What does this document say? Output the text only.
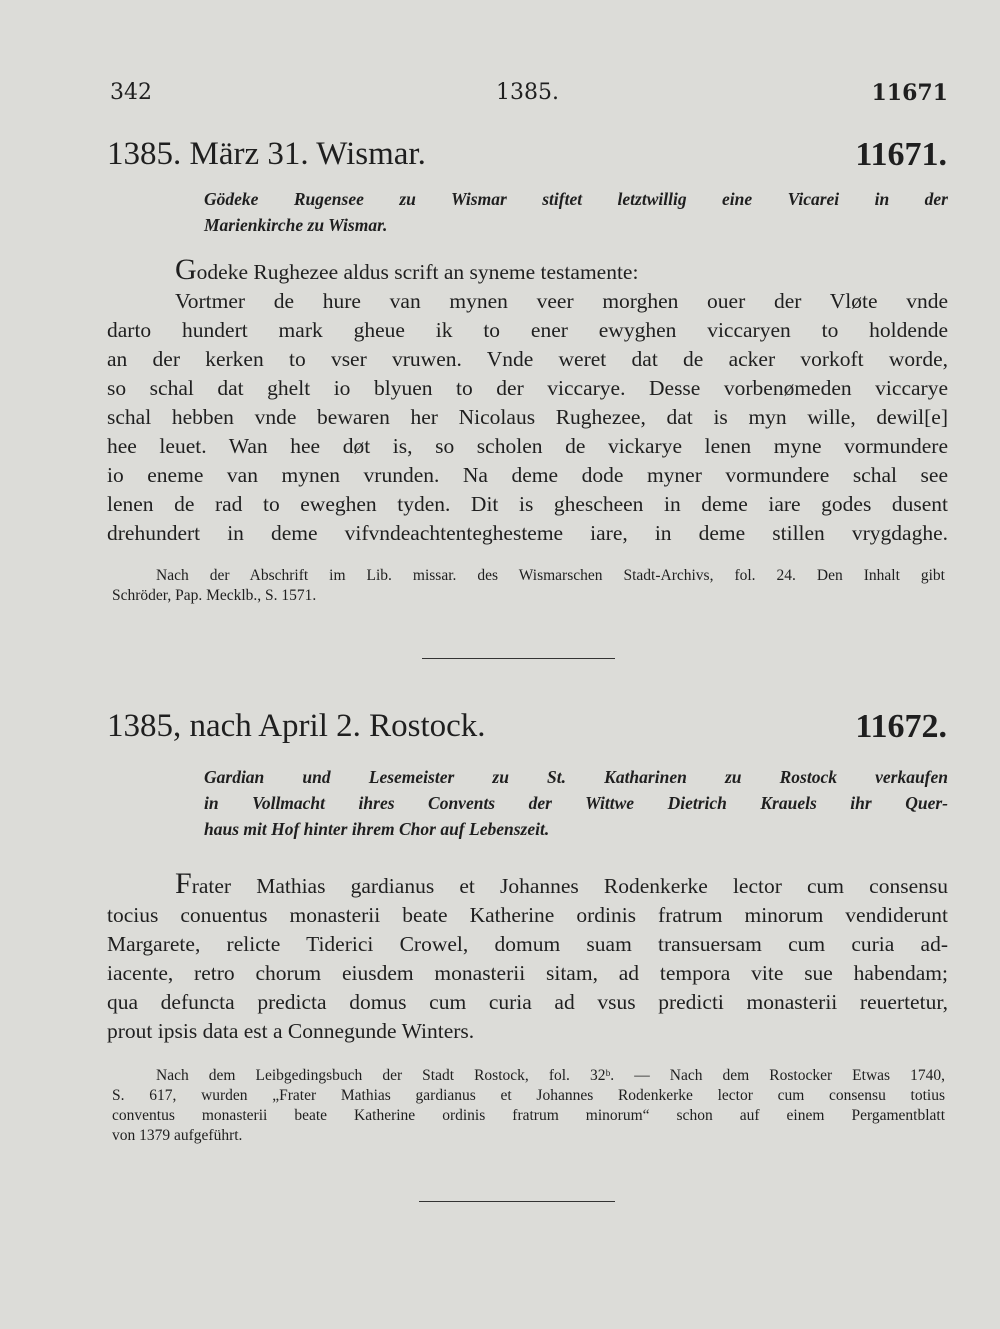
342	1385.	11671
1385. März 31. Wismar.	11671.
Gödeke Rugensee zu Wismar stiftet letztwillig eine Vicarei in der
Marienkirche zu Wismar.
Godeke Rughezee aldus scrift an syneme testamente:
Vortmer de hure van mynen veer morghen ouer der Vløte vnde
darto hundert mark gheue ik to ener ewyghen viccaryen to holdende
an der kerken to vser vruwen. Vnde weret dat de acker vorkoft worde,
so schal dat ghelt io blyuen to der viccarye. Desse vorbenømeden viccarye
schal hebben vnde bewaren her Nicolaus Rughezee, dat is myn wille, dewil[e]
hee leuet. Wan hee døt is, so scholen de vickarye lenen myne vormundere
io eneme van mynen vrunden. Na deme dode myner vormundere schal see
lenen de rad to eweghen tyden. Dit is ghescheen in deme iare godes dusent
drehundert in deme vifvndeachtenteghesteme iare, in deme stillen vrygdaghe.
Nach der Abschrift im Lib. missar. des Wismarschen Stadt-Archivs, fol. 24. Den Inhalt gibt
Schröder, Pap. Mecklb., S. 1571.
1385, nach April 2. Rostock.	11672.
Gardian und Lesemeister zu St. Katharinen zu Rostock verkaufen
in Vollmacht ihres Convents der Wittwe Dietrich Krauels ihr Quer-
haus mit Hof hinter ihrem Chor auf Lebenszeit.
Frater Mathias gardianus et Johannes Rodenkerke lector cum consensu
tocius conuentus monasterii beate Katherine ordinis fratrum minorum vendiderunt
Margarete, relicte Tiderici Crowel, domum suam transuersam cum curia ad-
iacente, retro chorum eiusdem monasterii sitam, ad tempora vite sue habendam;
qua defuncta predicta domus cum curia ad vsus predicti monasterii reuertetur,
prout ipsis data est a Connegunde Winters.
Nach dem Leibgedingsbuch der Stadt Rostock, fol. 32ᵇ. — Nach dem Rostocker Etwas 1740,
S. 617, wurden „Frater Mathias gardianus et Johannes Rodenkerke lector cum consensu totius
conventus monasterii beate Katherine ordinis fratrum minorum“ schon auf einem Pergamentblatt
von 1379 aufgeführt.
